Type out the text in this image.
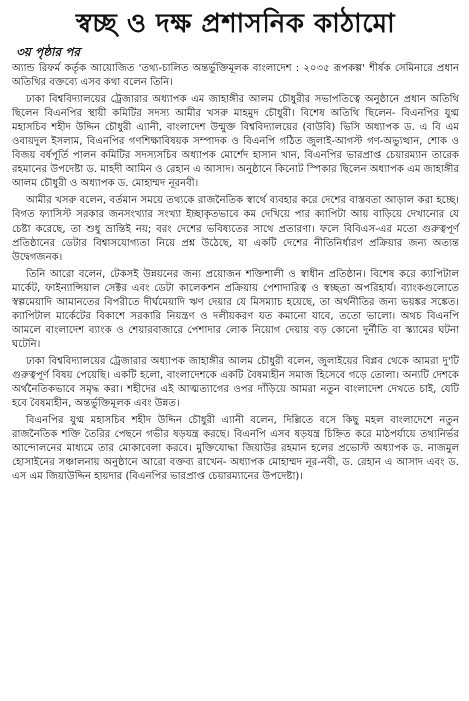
স্বচ্ছ ও দক্ষ প্রশাসনিক কাঠামো
৩য় পৃষ্ঠার পর

অ্যান্ড রিফর্ম কর্তৃক আয়োজিত 'তথ্য-চালিত অন্তর্ভুক্তিমূলক বাংলাদেশ : ২০৩৫ রূপকল্প' শীর্ষক সেমিনারে প্রধান অতিথির বক্তব্যে এসব কথা বলেন তিনি।

ঢাকা বিশ্ববিদ্যালয়ের ট্রেজারার অধ্যাপক এম জাহাঙ্গীর আলম চৌধুরীর সভাপতিত্বে অনুষ্ঠানে প্রধান অতিথি ছিলেন বিএনপির স্থায়ী কমিটির সদস্য আমীর খসরু মাহমুদ চৌধুরী। বিশেষ অতিথি ছিলেন- বিএনপির যুগ্ম মহাসচিব শহীদ উদ্দিন চৌধুরী এ্যানী, বাংলাদেশ উন্মুক্ত বিশ্ববিদ্যালয়ের (বাউবি) ভিসি অধ্যাপক ড. এ বি এম ওবায়দুল ইসলাম, বিএনপির গণশিক্ষাবিষয়ক সম্পাদক ও বিএনপি গঠিত জুলাই-আগস্ট গণ-অভ্যুত্থান, শোক ও বিজয় বর্ষপূর্তি পালন কমিটির সদস্যসচিব অধ্যাপক মোর্শেদ হাসান খান, বিএনপির ভারপ্রাপ্ত চেয়ারম্যান তারেক রহমানের উপদেষ্টা ড. মাহদী আমিন ও রেহান এ আসাদ। অনুষ্ঠানে কিনোট স্পিকার ছিলেন অধ্যাপক এম জাহাঙ্গীর আলম চৌধুরী ও অধ্যাপক ড. মোহাম্মদ নূরনবী।

আমীর খসরু বলেন, বর্তমান সময়ে তথ্যকে রাজনৈতিক স্বার্থে ব্যবহার করে দেশের বাস্তবতা আড়াল করা হচ্ছে। বিগত ফ্যাসিস্ট সরকার জনসংখ্যার সংখ্যা ইচ্ছাকৃতভাবে কম দেখিয়ে পার ক্যাপিটা আয় বাড়িয়ে দেখানোর যে চেষ্টা করেছে, তা শুধু ভ্রান্তিই নয়; বরং দেশের ভবিষ্যতের সাথে প্রতারণা। ফলে বিবিএস-এর মতো গুরুত্বপূর্ণ প্রতিষ্ঠানের ডেটার বিশ্বাসযোগ্যতা নিয়ে প্রশ্ন উঠেছে, যা একটি দেশের নীতিনির্ধারণ প্রক্রিয়ার জন্য অত্যন্ত উদ্বেগজনক।

তিনি আরো বলেন, টেকসই উন্নয়নের জন্য প্রয়োজন শক্তিশালী ও স্বাধীন প্রতিষ্ঠান। বিশেষ করে ক্যাপিটাল মার্কেট, ফাইন্যান্সিয়াল সেক্টর এবং ডেটা কালেকশন প্রক্রিয়ায় পেশাদারিত্ব ও স্বচ্ছতা অপরিহার্য। ব্যাংকগুলোতে স্বল্পমেয়াদি আমানতের বিপরীতে দীর্ঘমেয়াদি ঋণ দেয়ার যে মিসম্যাচ হয়েছে, তা অর্থনীতির জন্য ভয়ঙ্কর সঙ্কেত। ক্যাপিটাল মার্কেটের বিকাশে সরকারি নিয়ন্ত্রণ ও দলীয়করণ যত কমানো যাবে, ততো ভালো। অথচ বিএনপি আমলে বাংলাদেশ ব্যাংক ও শেয়ারবাজারে পেশাদার লোক নিয়োগ দেয়ায় বড় কোনো দুর্নীতি বা স্ক্যামের ঘটনা ঘটেনি।

ঢাকা বিশ্ববিদ্যালয়ের ট্রেজারার অধ্যাপক জাহাঙ্গীর আলম চৌধুরী বলেন, জুলাইয়ের বিপ্লব থেকে আমরা দু'টি গুরুত্বপূর্ণ বিষয় পেয়েছি। একটি হলো, বাংলাদেশকে একটি বৈষম্যহীন সমাজ হিসেবে গড়ে তোলা। অন্যটি দেশকে অর্থনৈতিকভাবে সমৃদ্ধ করা। শহীদের এই আত্মত্যাগের ওপর দাঁড়িয়ে আমরা নতুন বাংলাদেশ দেখতে চাই, যেটি হবে বৈষম্যহীন, অন্তর্ভুক্তিমূলক এবং উন্নত।

বিএনপির যুগ্ম মহাসচিব শহীদ উদ্দিন চৌধুরী এ্যানী বলেন, দিল্লিতে বসে কিছু মহল বাংলাদেশে নতুন রাজনৈতিক শক্তি তৈরির পেছনে গভীর ষড়যন্ত্র করছে। বিএনপি এসব ষড়যন্ত্র চিহ্নিত করে মাঠপর্যায়ে তথ্যনির্ভর আন্দোলনের মাধ্যমে তার মোকাবেলা করবে। মুক্তিযোদ্ধা জিয়াউর রহমান হলের প্রভোস্ট অধ্যাপক ড. নাজমুল হোসাইনের সঞ্চালনায় অনুষ্ঠানে আরো বক্তব্য রাখেন- অধ্যাপক মোহাম্মদ নূর-নবী, ড. রেহান এ আসাদ এবং ড. এস এম জিয়াউদ্দিন হায়দার (বিএনপির ভারপ্রাপ্ত চেয়ারম্যানের উপদেষ্টা)।
